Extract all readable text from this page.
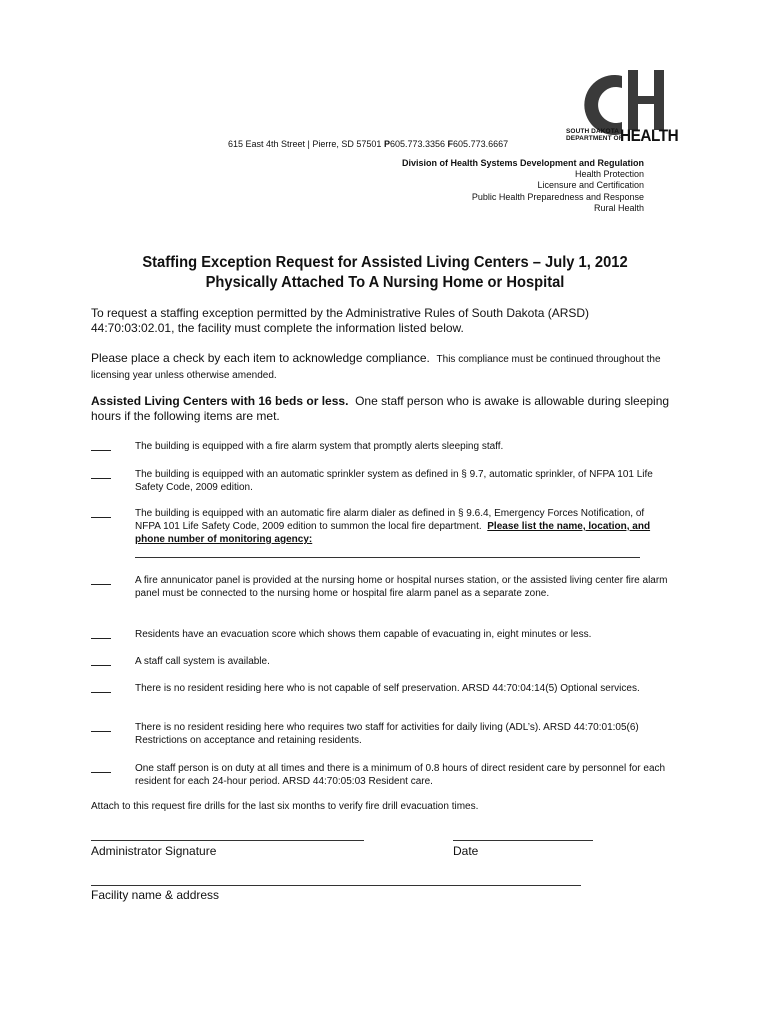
SOUTH DAKOTA
DEPARTMENT OF
HEALTH
615 East 4th Street | Pierre, SD 57501 P605.773.3356 F605.773.6667
Division of Health Systems Development and Regulation
Health Protection
Licensure and Certification
Public Health Preparedness and Response
Rural Health
Staffing Exception Request for Assisted Living Centers – July 1, 2012
Physically Attached To A Nursing Home or Hospital
To request a staffing exception permitted by the Administrative Rules of South Dakota (ARSD) 44:70:03:02.01, the facility must complete the information listed below.
Please place a check by each item to acknowledge compliance. This compliance must be continued throughout the licensing year unless otherwise amended.
Assisted Living Centers with 16 beds or less. One staff person who is awake is allowable during sleeping hours if the following items are met.
The building is equipped with a fire alarm system that promptly alerts sleeping staff.
The building is equipped with an automatic sprinkler system as defined in § 9.7, automatic sprinkler, of NFPA 101 Life Safety Code, 2009 edition.
The building is equipped with an automatic fire alarm dialer as defined in § 9.6.4, Emergency Forces Notification, of NFPA 101 Life Safety Code, 2009 edition to summon the local fire department. Please list the name, location, and phone number of monitoring agency:
A fire annunicator panel is provided at the nursing home or hospital nurses station, or the assisted living center fire alarm panel must be connected to the nursing home or hospital fire alarm panel as a separate zone.
Residents have an evacuation score which shows them capable of evacuating in, eight minutes or less.
A staff call system is available.
There is no resident residing here who is not capable of self preservation. ARSD 44:70:04:14(5) Optional services.
There is no resident residing here who requires two staff for activities for daily living (ADL’s). ARSD 44:70:01:05(6) Restrictions on acceptance and retaining residents.
One staff person is on duty at all times and there is a minimum of 0.8 hours of direct resident care by personnel for each resident for each 24-hour period. ARSD 44:70:05:03 Resident care.
Attach to this request fire drills for the last six months to verify fire drill evacuation times.
Administrator Signature	Date
Facility name & address
